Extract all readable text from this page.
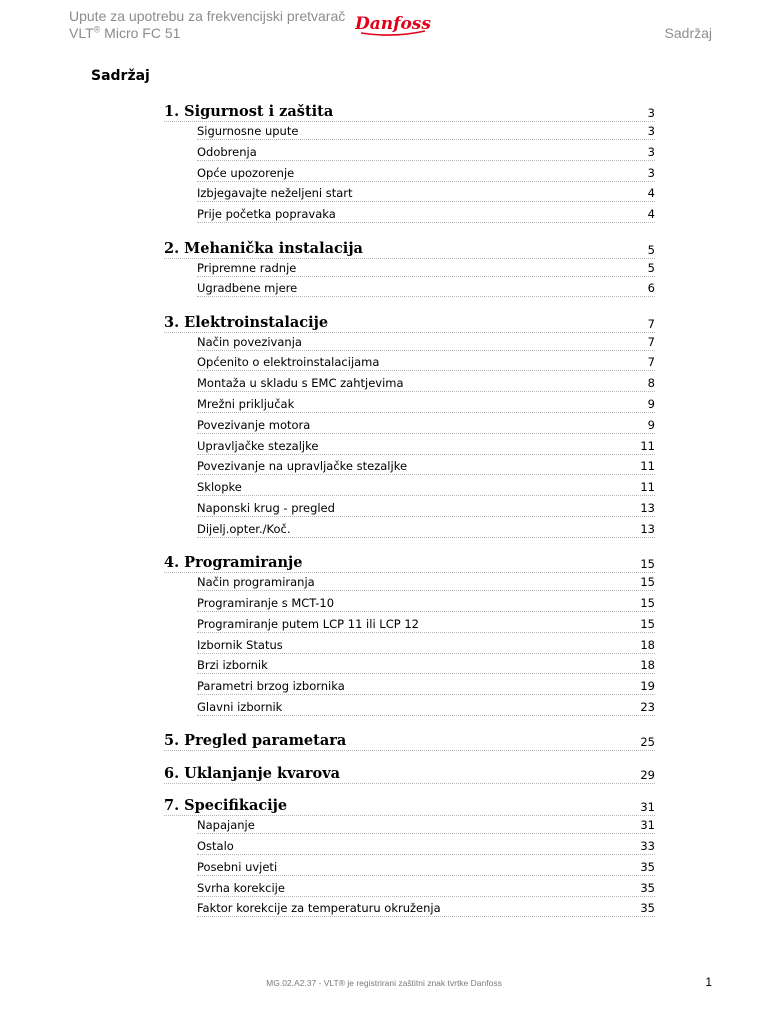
Upute za upotrebu za frekvencijski pretvarač
VLT® Micro FC 51	Danfoss	Sadržaj
Sadržaj
1. Sigurnost i zaštita	3
Sigurnosne upute	3
Odobrenja	3
Opće upozorenje	3
Izbjegavajte neželjeni start	4
Prije početka popravaka	4
2. Mehanička instalacija	5
Pripremne radnje	5
Ugradbene mjere	6
3. Elektroinstalacije	7
Način povezivanja	7
Općenito o elektroinstalacijama	7
Montaža u skladu s EMC zahtjevima	8
Mrežni priključak	9
Povezivanje motora	9
Upravljačke stezaljke	11
Povezivanje na upravljačke stezaljke	11
Sklopke	11
Naponski krug - pregled	13
Dijelj.opter./Koč.	13
4. Programiranje	15
Način programiranja	15
Programiranje s MCT-10	15
Programiranje putem LCP 11 ili LCP 12	15
Izbornik Status	18
Brzi izbornik	18
Parametri brzog izbornika	19
Glavni izbornik	23
5. Pregled parametara	25
6. Uklanjanje kvarova	29
7. Specifikacije	31
Napajanje	31
Ostalo	33
Posebni uvjeti	35
Svrha korekcije	35
Faktor korekcije za temperaturu okruženja	35
MG.02.A2.37 - VLT® je registrirani zaštitni znak tvrtke Danfoss	1
